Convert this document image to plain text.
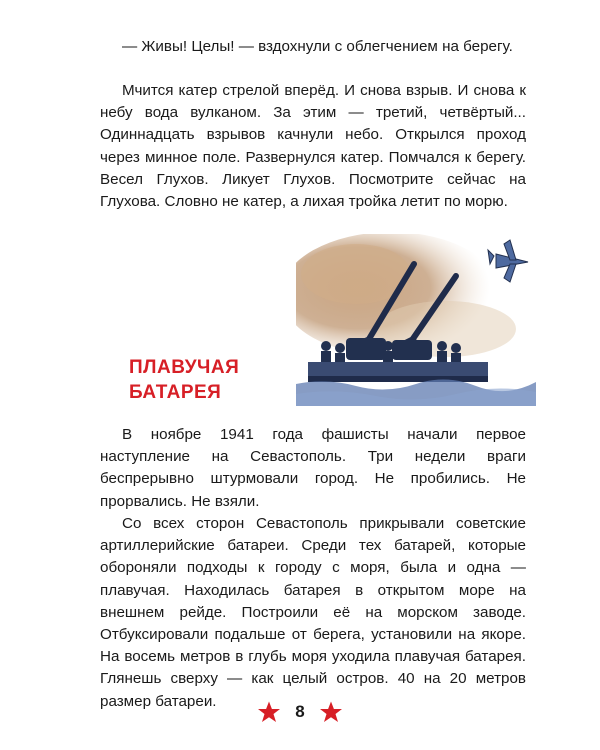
— Живы! Целы! — вздохнули с облегчением на берегу.

Мчится катер стрелой вперёд. И снова взрыв. И снова к небу вода вулканом. За этим — третий, четвёртый... Одиннадцать взрывов качнули небо. Открылся проход через минное поле. Развернулся катер. Помчался к берегу. Весел Глухов. Ликует Глухов. Посмотрите сейчас на Глухова. Словно не катер, а лихая тройка летит по морю.

ПЛАВУЧАЯ
БАТАРЕЯ

В ноябре 1941 года фашисты начали первое наступление на Севастополь. Три недели враги беспрерывно штурмовали город. Не пробились. Не прорвались. Не взяли.

Со всех сторон Севастополь прикрывали советские артиллерийские батареи. Среди тех батарей, которые обороняли подходы к городу с моря, была и одна — плавучая. Находилась батарея в открытом море на внешнем рейде. Построили её на морском заводе. Отбуксировали подальше от берега, установили на якоре. На восемь метров в глубь моря уходила плавучая батарея. Глянешь сверху — как целый остров. 40 на 20 метров размер батареи.

8
